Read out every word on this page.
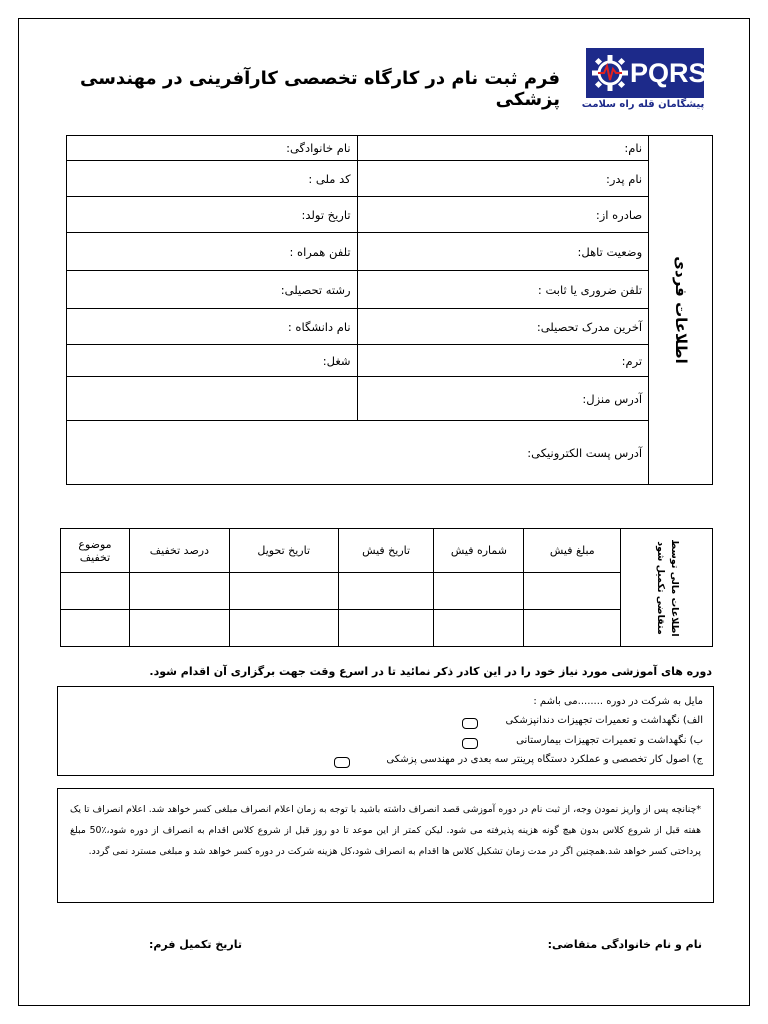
PQRS
پیشگامان قله راه سلامت
فرم ثبت نام در کارگاه تخصصی کارآفرینی در مهندسی پزشکی
اطلاعات فردی	نام:	نام خانوادگی:
	نام پدر:	کد ملی :
	صادره از:	تاریخ تولد:
	وضعیت تاهل:	تلفن همراه :
	تلفن ضروری یا ثابت :	رشته تحصیلی:
	آخرین مدرک تحصیلی:	نام دانشگاه :
	ترم:	شغل:
	آدرس منزل:	
	آدرس پست الکترونیکی:	
اطلاعات مالی توسط
متقاضی تکمیل شود	مبلغ فیش	شماره فیش	تاریخ فیش	تاریخ تحویل	درصد تخفیف	موضوع تخفیف

دوره های آموزشی مورد نیاز خود را در این کادر ذکر نمائید تا در اسرع وقت جهت برگزاری آن اقدام شود.
مایل به شرکت در دوره ........می باشم :
الف) نگهداشت و تعمیرات تجهیزات دندانپزشکی
ب) نگهداشت و تعمیرات تجهیزات بیمارستانی
ج) اصول کار تخصصی و عملکرد دستگاه پرینتر سه بعدی در مهندسی پزشکی

*چنانچه پس از واریز نمودن وجه، از ثبت نام در دوره آموزشی قصد انصراف داشته باشید با توجه به زمان اعلام انصراف مبلغی کسر خواهد شد. اعلام انصراف تا یک هفته قبل از شروع کلاس بدون هیچ گونه هزینه پذیرفته می شود. لیکن کمتر از این موعد تا دو روز قبل از شروع کلاس اقدام به انصراف از دوره شود،٪50 مبلغ پرداختی کسر خواهد شد.همچنین اگر در مدت زمان تشکیل کلاس ها اقدام به انصراف شود،کل هزینه شرکت در دوره کسر خواهد شد و مبلغی مسترد نمی گردد.

نام و نام خانوادگی متقاضی:
تاریخ تکمیل فرم:
